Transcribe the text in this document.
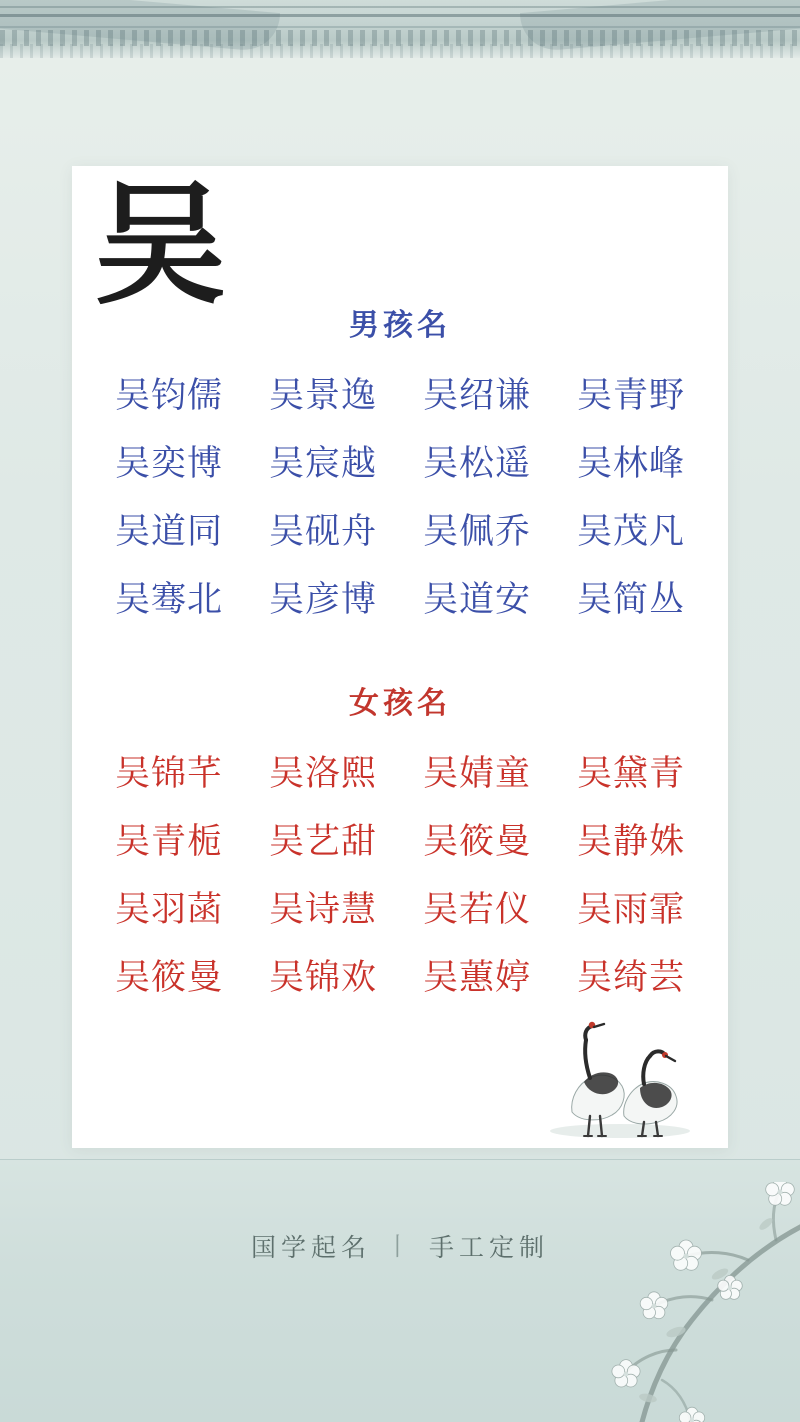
吴
男孩名
吴钧儒	吴景逸	吴绍谦	吴青野
吴奕博	吴宸越	吴松遥	吴林峰
吴道同	吴砚舟	吴佩乔	吴茂凡
吴骞北	吴彦博	吴道安	吴简丛
女孩名
吴锦芊	吴洛熙	吴婧童	吴黛青
吴青栀	吴艺甜	吴筱曼	吴静姝
吴羽菡	吴诗慧	吴若仪	吴雨霏
吴筱曼	吴锦欢	吴蕙婷	吴绮芸
国学起名 丨 手工定制
